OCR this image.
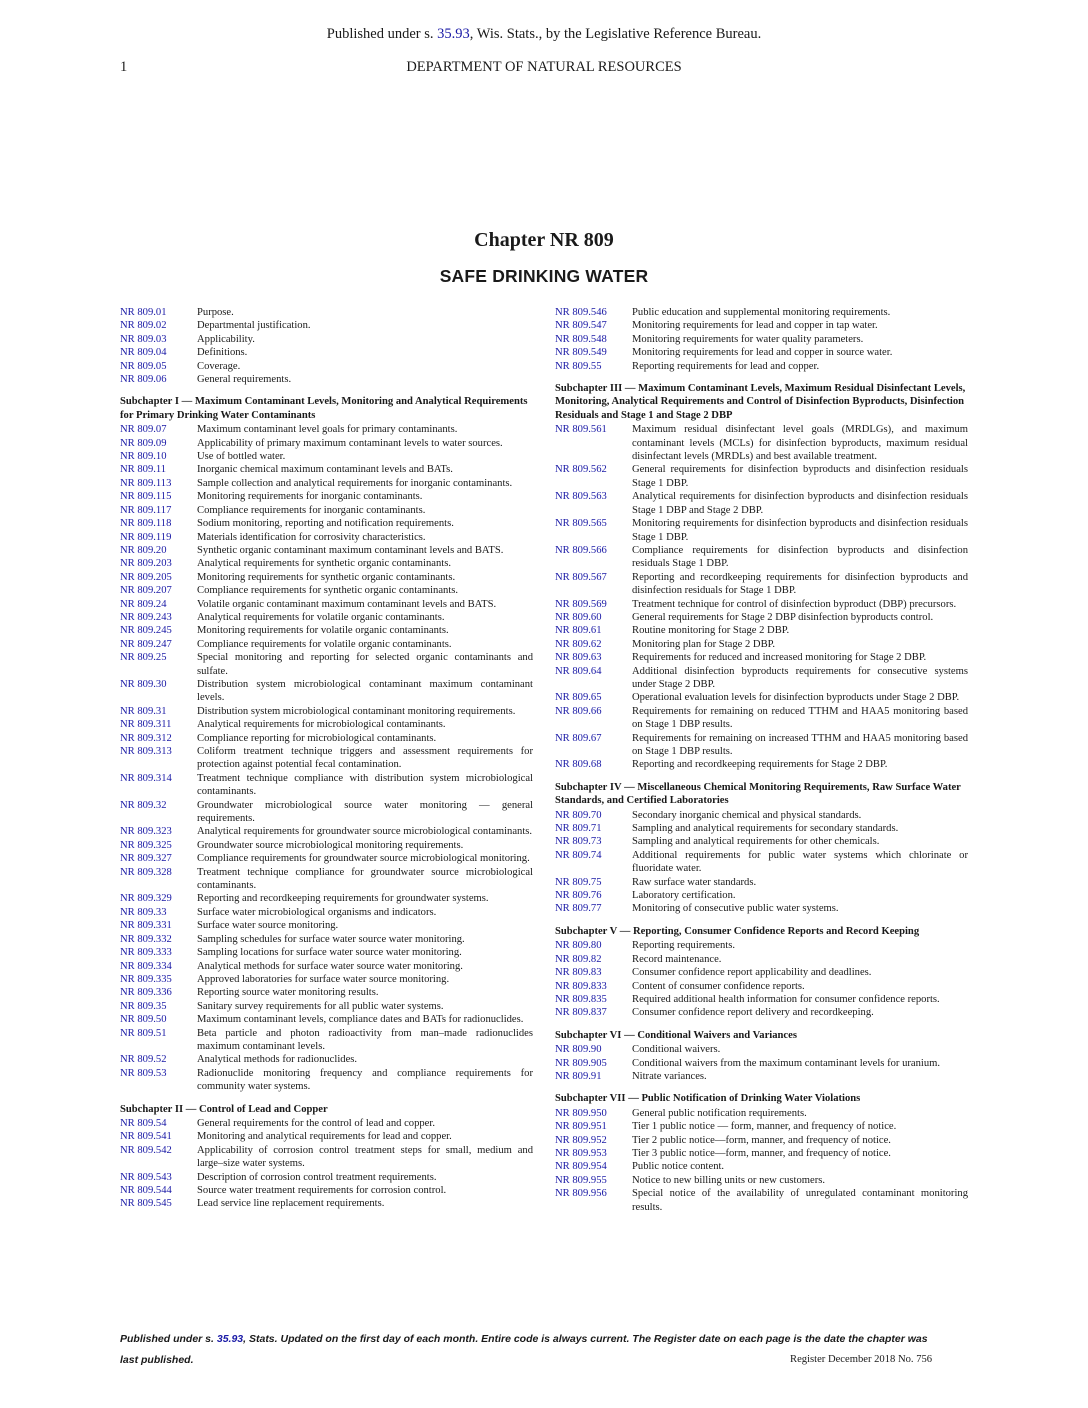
Published under s. 35.93, Wis. Stats., by the Legislative Reference Bureau.
1	DEPARTMENT OF NATURAL RESOURCES
Chapter NR 809
SAFE DRINKING WATER
NR 809.01	Purpose.
NR 809.02	Departmental justification.
NR 809.03	Applicability.
NR 809.04	Definitions.
NR 809.05	Coverage.
NR 809.06	General requirements.
Subchapter I — Maximum Contaminant Levels, Monitoring and Analytical Requirements for Primary Drinking Water Contaminants
NR 809.07	Maximum contaminant level goals for primary contaminants.
NR 809.09	Applicability of primary maximum contaminant levels to water sources.
NR 809.10	Use of bottled water.
NR 809.11	Inorganic chemical maximum contaminant levels and BATs.
NR 809.113	Sample collection and analytical requirements for inorganic contaminants.
NR 809.115	Monitoring requirements for inorganic contaminants.
NR 809.117	Compliance requirements for inorganic contaminants.
NR 809.118	Sodium monitoring, reporting and notification requirements.
NR 809.119	Materials identification for corrosivity characteristics.
NR 809.20	Synthetic organic contaminant maximum contaminant levels and BATS.
NR 809.203	Analytical requirements for synthetic organic contaminants.
NR 809.205	Monitoring requirements for synthetic organic contaminants.
NR 809.207	Compliance requirements for synthetic organic contaminants.
NR 809.24	Volatile organic contaminant maximum contaminant levels and BATS.
NR 809.243	Analytical requirements for volatile organic contaminants.
NR 809.245	Monitoring requirements for volatile organic contaminants.
NR 809.247	Compliance requirements for volatile organic contaminants.
NR 809.25	Special monitoring and reporting for selected organic contaminants and sulfate.
NR 809.30	Distribution system microbiological contaminant maximum contaminant levels.
NR 809.31	Distribution system microbiological contaminant monitoring requirements.
NR 809.311	Analytical requirements for microbiological contaminants.
NR 809.312	Compliance reporting for microbiological contaminants.
NR 809.313	Coliform treatment technique triggers and assessment requirements for protection against potential fecal contamination.
NR 809.314	Treatment technique compliance with distribution system microbiological contaminants.
NR 809.32	Groundwater microbiological source water monitoring — general requirements.
NR 809.323	Analytical requirements for groundwater source microbiological contaminants.
NR 809.325	Groundwater source microbiological monitoring requirements.
NR 809.327	Compliance requirements for groundwater source microbiological monitoring.
NR 809.328	Treatment technique compliance for groundwater source microbiological contaminants.
NR 809.329	Reporting and recordkeeping requirements for groundwater systems.
NR 809.33	Surface water microbiological organisms and indicators.
NR 809.331	Surface water source monitoring.
NR 809.332	Sampling schedules for surface water source water monitoring.
NR 809.333	Sampling locations for surface water source water monitoring.
NR 809.334	Analytical methods for surface water source water monitoring.
NR 809.335	Approved laboratories for surface water source monitoring.
NR 809.336	Reporting source water monitoring results.
NR 809.35	Sanitary survey requirements for all public water systems.
NR 809.50	Maximum contaminant levels, compliance dates and BATs for radionuclides.
NR 809.51	Beta particle and photon radioactivity from man–made radionuclides maximum contaminant levels.
NR 809.52	Analytical methods for radionuclides.
NR 809.53	Radionuclide monitoring frequency and compliance requirements for community water systems.
Subchapter II — Control of Lead and Copper
NR 809.54	General requirements for the control of lead and copper.
NR 809.541	Monitoring and analytical requirements for lead and copper.
NR 809.542	Applicability of corrosion control treatment steps for small, medium and large–size water systems.
NR 809.543	Description of corrosion control treatment requirements.
NR 809.544	Source water treatment requirements for corrosion control.
NR 809.545	Lead service line replacement requirements.
NR 809.546	Public education and supplemental monitoring requirements.
NR 809.547	Monitoring requirements for lead and copper in tap water.
NR 809.548	Monitoring requirements for water quality parameters.
NR 809.549	Monitoring requirements for lead and copper in source water.
NR 809.55	Reporting requirements for lead and copper.
Subchapter III — Maximum Contaminant Levels, Maximum Residual Disinfectant Levels, Monitoring, Analytical Requirements and Control of Disinfection Byproducts, Disinfection Residuals and Stage 1 and Stage 2 DBP
NR 809.561	Maximum residual disinfectant level goals (MRDLGs), and maximum contaminant levels (MCLs) for disinfection byproducts, maximum residual disinfectant levels (MRDLs) and best available treatment.
NR 809.562	General requirements for disinfection byproducts and disinfection residuals Stage 1 DBP.
NR 809.563	Analytical requirements for disinfection byproducts and disinfection residuals Stage 1 DBP and Stage 2 DBP.
NR 809.565	Monitoring requirements for disinfection byproducts and disinfection residuals Stage 1 DBP.
NR 809.566	Compliance requirements for disinfection byproducts and disinfection residuals Stage 1 DBP.
NR 809.567	Reporting and recordkeeping requirements for disinfection byproducts and disinfection residuals for Stage 1 DBP.
NR 809.569	Treatment technique for control of disinfection byproduct (DBP) precursors.
NR 809.60	General requirements for Stage 2 DBP disinfection byproducts control.
NR 809.61	Routine monitoring for Stage 2 DBP.
NR 809.62	Monitoring plan for Stage 2 DBP.
NR 809.63	Requirements for reduced and increased monitoring for Stage 2 DBP.
NR 809.64	Additional disinfection byproducts requirements for consecutive systems under Stage 2 DBP.
NR 809.65	Operational evaluation levels for disinfection byproducts under Stage 2 DBP.
NR 809.66	Requirements for remaining on reduced TTHM and HAA5 monitoring based on Stage 1 DBP results.
NR 809.67	Requirements for remaining on increased TTHM and HAA5 monitoring based on Stage 1 DBP results.
NR 809.68	Reporting and recordkeeping requirements for Stage 2 DBP.
Subchapter IV — Miscellaneous Chemical Monitoring Requirements, Raw Surface Water Standards, and Certified Laboratories
NR 809.70	Secondary inorganic chemical and physical standards.
NR 809.71	Sampling and analytical requirements for secondary standards.
NR 809.73	Sampling and analytical requirements for other chemicals.
NR 809.74	Additional requirements for public water systems which chlorinate or fluoridate water.
NR 809.75	Raw surface water standards.
NR 809.76	Laboratory certification.
NR 809.77	Monitoring of consecutive public water systems.
Subchapter V — Reporting, Consumer Confidence Reports and Record Keeping
NR 809.80	Reporting requirements.
NR 809.82	Record maintenance.
NR 809.83	Consumer confidence report applicability and deadlines.
NR 809.833	Content of consumer confidence reports.
NR 809.835	Required additional health information for consumer confidence reports.
NR 809.837	Consumer confidence report delivery and recordkeeping.
Subchapter VI — Conditional Waivers and Variances
NR 809.90	Conditional waivers.
NR 809.905	Conditional waivers from the maximum contaminant levels for uranium.
NR 809.91	Nitrate variances.
Subchapter VII — Public Notification of Drinking Water Violations
NR 809.950	General public notification requirements.
NR 809.951	Tier 1 public notice — form, manner, and frequency of notice.
NR 809.952	Tier 2 public notice—form, manner, and frequency of notice.
NR 809.953	Tier 3 public notice—form, manner, and frequency of notice.
NR 809.954	Public notice content.
NR 809.955	Notice to new billing units or new customers.
NR 809.956	Special notice of the availability of unregulated contaminant monitoring results.
Published under s. 35.93, Stats. Updated on the first day of each month. Entire code is always current. The Register date on each page is the date the chapter was last published.	Register December 2018 No. 756
